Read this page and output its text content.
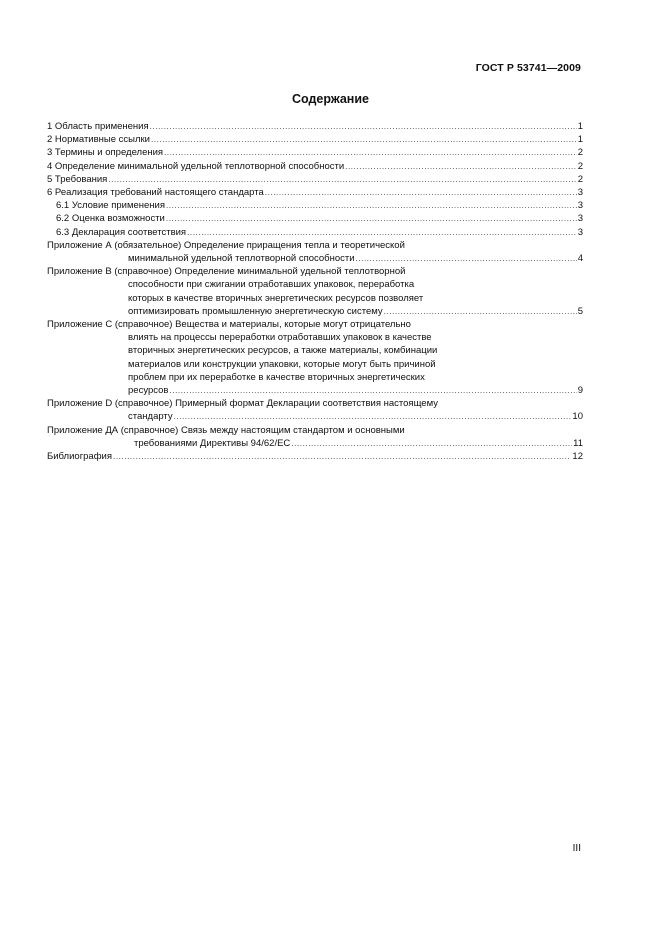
ГОСТ Р 53741—2009
Содержание
1 Область применения .....	1
2 Нормативные ссылки .....	1
3 Термины и определения .....	2
4 Определение минимальной удельной теплотворной способности .....	2
5 Требования .....	2
6 Реализация требований настоящего стандарта .....	3
6.1 Условие применения .....	3
6.2 Оценка возможности .....	3
6.3 Декларация соответствия .....	3
Приложение А (обязательное) Определение приращения тепла и теоретической
минимальной удельной теплотворной способности .....	4
Приложение В (справочное) Определение минимальной удельной теплотворной
способности при сжигании отработавших упаковок, переработка
которых в качестве вторичных энергетических ресурсов позволяет
оптимизировать промышленную энергетическую систему .....	5
Приложение С (справочное) Вещества и материалы, которые могут отрицательно
влиять на процессы переработки отработавших упаковок в качестве
вторичных энергетических ресурсов, а также материалы, комбинации
материалов или конструкции упаковки, которые могут быть причиной
проблем при их переработке в качестве вторичных энергетических
ресурсов .....	9
Приложение D (справочное) Примерный формат Декларации соответствия настоящему
стандарту .....	10
Приложение ДА (справочное) Связь между настоящим стандартом и основными
требованиями Директивы 94/62/ЕС .....	11
Библиография .....	12
III
